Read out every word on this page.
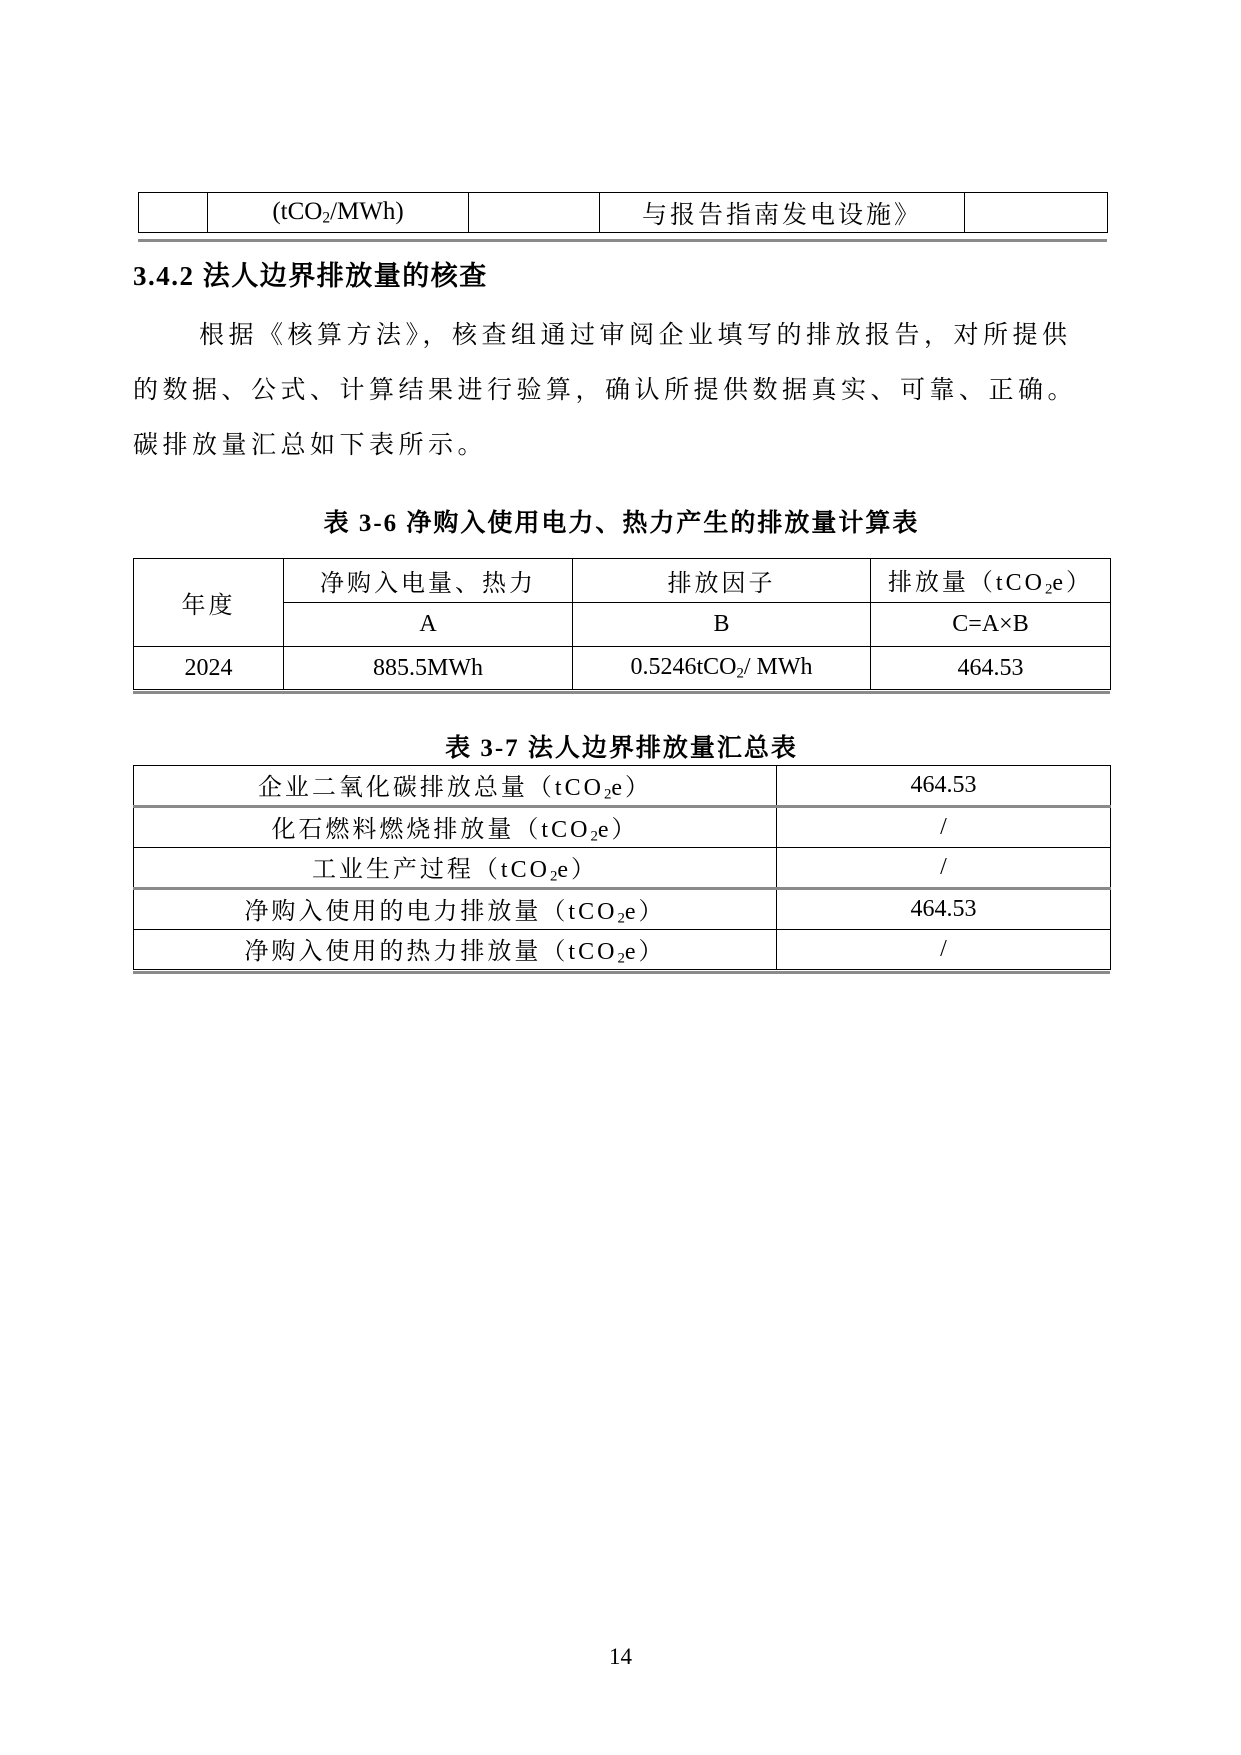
	(tCO$_2$/MWh)		与报告指南发电设施》	
3.4.2 法人边界排放量的核查
根据《核算方法》，核查组通过审阅企业填写的排放报告，对所提供
的数据、公式、计算结果进行验算，确认所提供数据真实、可靠、正确。
碳排放量汇总如下表所示。
表 3-6 净购入使用电力、热力产生的排放量计算表
年度	净购入电量、热力	排放因子	排放量（tCO$_2$e）
	A	B	C=A×B
2024	885.5MWh	0.5246tCO$_2$/ MWh	464.53
表 3-7 法人边界排放量汇总表
企业二氧化碳排放总量（tCO$_2$e）	464.53
化石燃料燃烧排放量（tCO$_2$e）	/
工业生产过程（tCO$_2$e）	/
净购入使用的电力排放量（tCO$_2$e）	464.53
净购入使用的热力排放量（tCO$_2$e）	/
14
